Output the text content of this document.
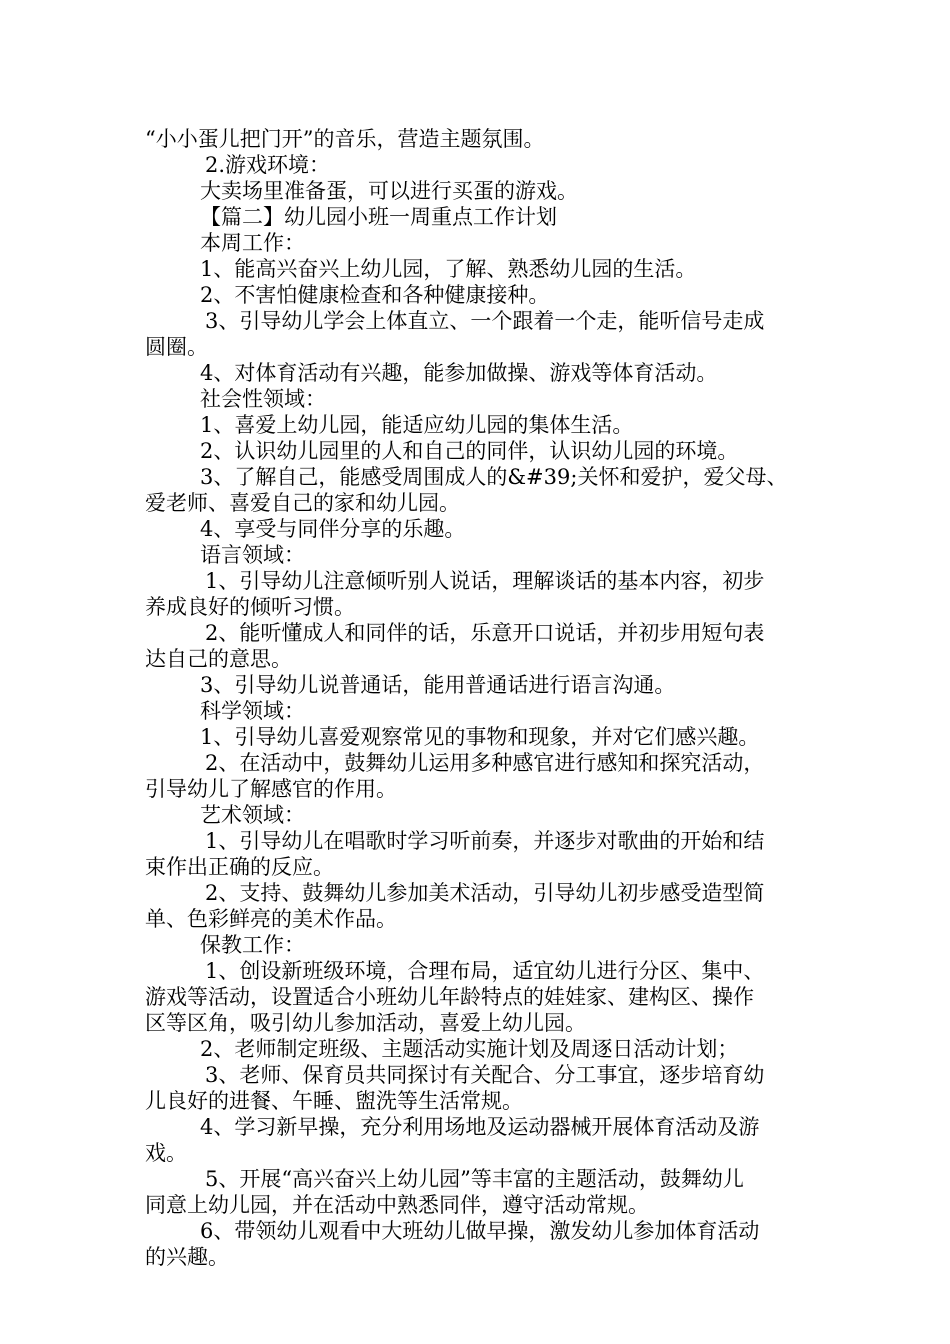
“小小蛋儿把门开”的音乐，营造主题氛围。
2.游戏环境：
大卖场里准备蛋，可以进行买蛋的游戏。
【篇二】幼儿园小班一周重点工作计划
本周工作：
1、能高兴奋兴上幼儿园，了解、熟悉幼儿园的生活。
2、不害怕健康检查和各种健康接种。
3、引导幼儿学会上体直立、一个跟着一个走，能听信号走成
圆圈。
4、对体育活动有兴趣，能参加做操、游戏等体育活动。
社会性领域：
1、喜爱上幼儿园，能适应幼儿园的集体生活。
2、认识幼儿园里的人和自己的同伴，认识幼儿园的环境。
3、了解自己，能感受周围成人的&#39;关怀和爱护，爱父母、
爱老师、喜爱自己的家和幼儿园。
4、享受与同伴分享的乐趣。
语言领域：
1、引导幼儿注意倾听别人说话，理解谈话的基本内容，初步
养成良好的倾听习惯。
2、能听懂成人和同伴的话，乐意开口说话，并初步用短句表
达自己的意思。
3、引导幼儿说普通话，能用普通话进行语言沟通。
科学领域：
1、引导幼儿喜爱观察常见的事物和现象，并对它们感兴趣。
2、在活动中，鼓舞幼儿运用多种感官进行感知和探究活动，
引导幼儿了解感官的作用。
艺术领域：
1、引导幼儿在唱歌时学习听前奏，并逐步对歌曲的开始和结
束作出正确的反应。
2、支持、鼓舞幼儿参加美术活动，引导幼儿初步感受造型简
单、色彩鲜亮的美术作品。
保教工作：
1、创设新班级环境，合理布局，适宜幼儿进行分区、集中、
游戏等活动，设置适合小班幼儿年龄特点的娃娃家、建构区、操作
区等区角，吸引幼儿参加活动，喜爱上幼儿园。
2、老师制定班级、主题活动实施计划及周逐日活动计划；
3、老师、保育员共同探讨有关配合、分工事宜，逐步培育幼
儿良好的进餐、午睡、盥洗等生活常规。
4、学习新早操，充分利用场地及运动器械开展体育活动及游
戏。
5、开展“高兴奋兴上幼儿园”等丰富的主题活动，鼓舞幼儿
同意上幼儿园，并在活动中熟悉同伴，遵守活动常规。
6、带领幼儿观看中大班幼儿做早操，激发幼儿参加体育活动
的兴趣。
